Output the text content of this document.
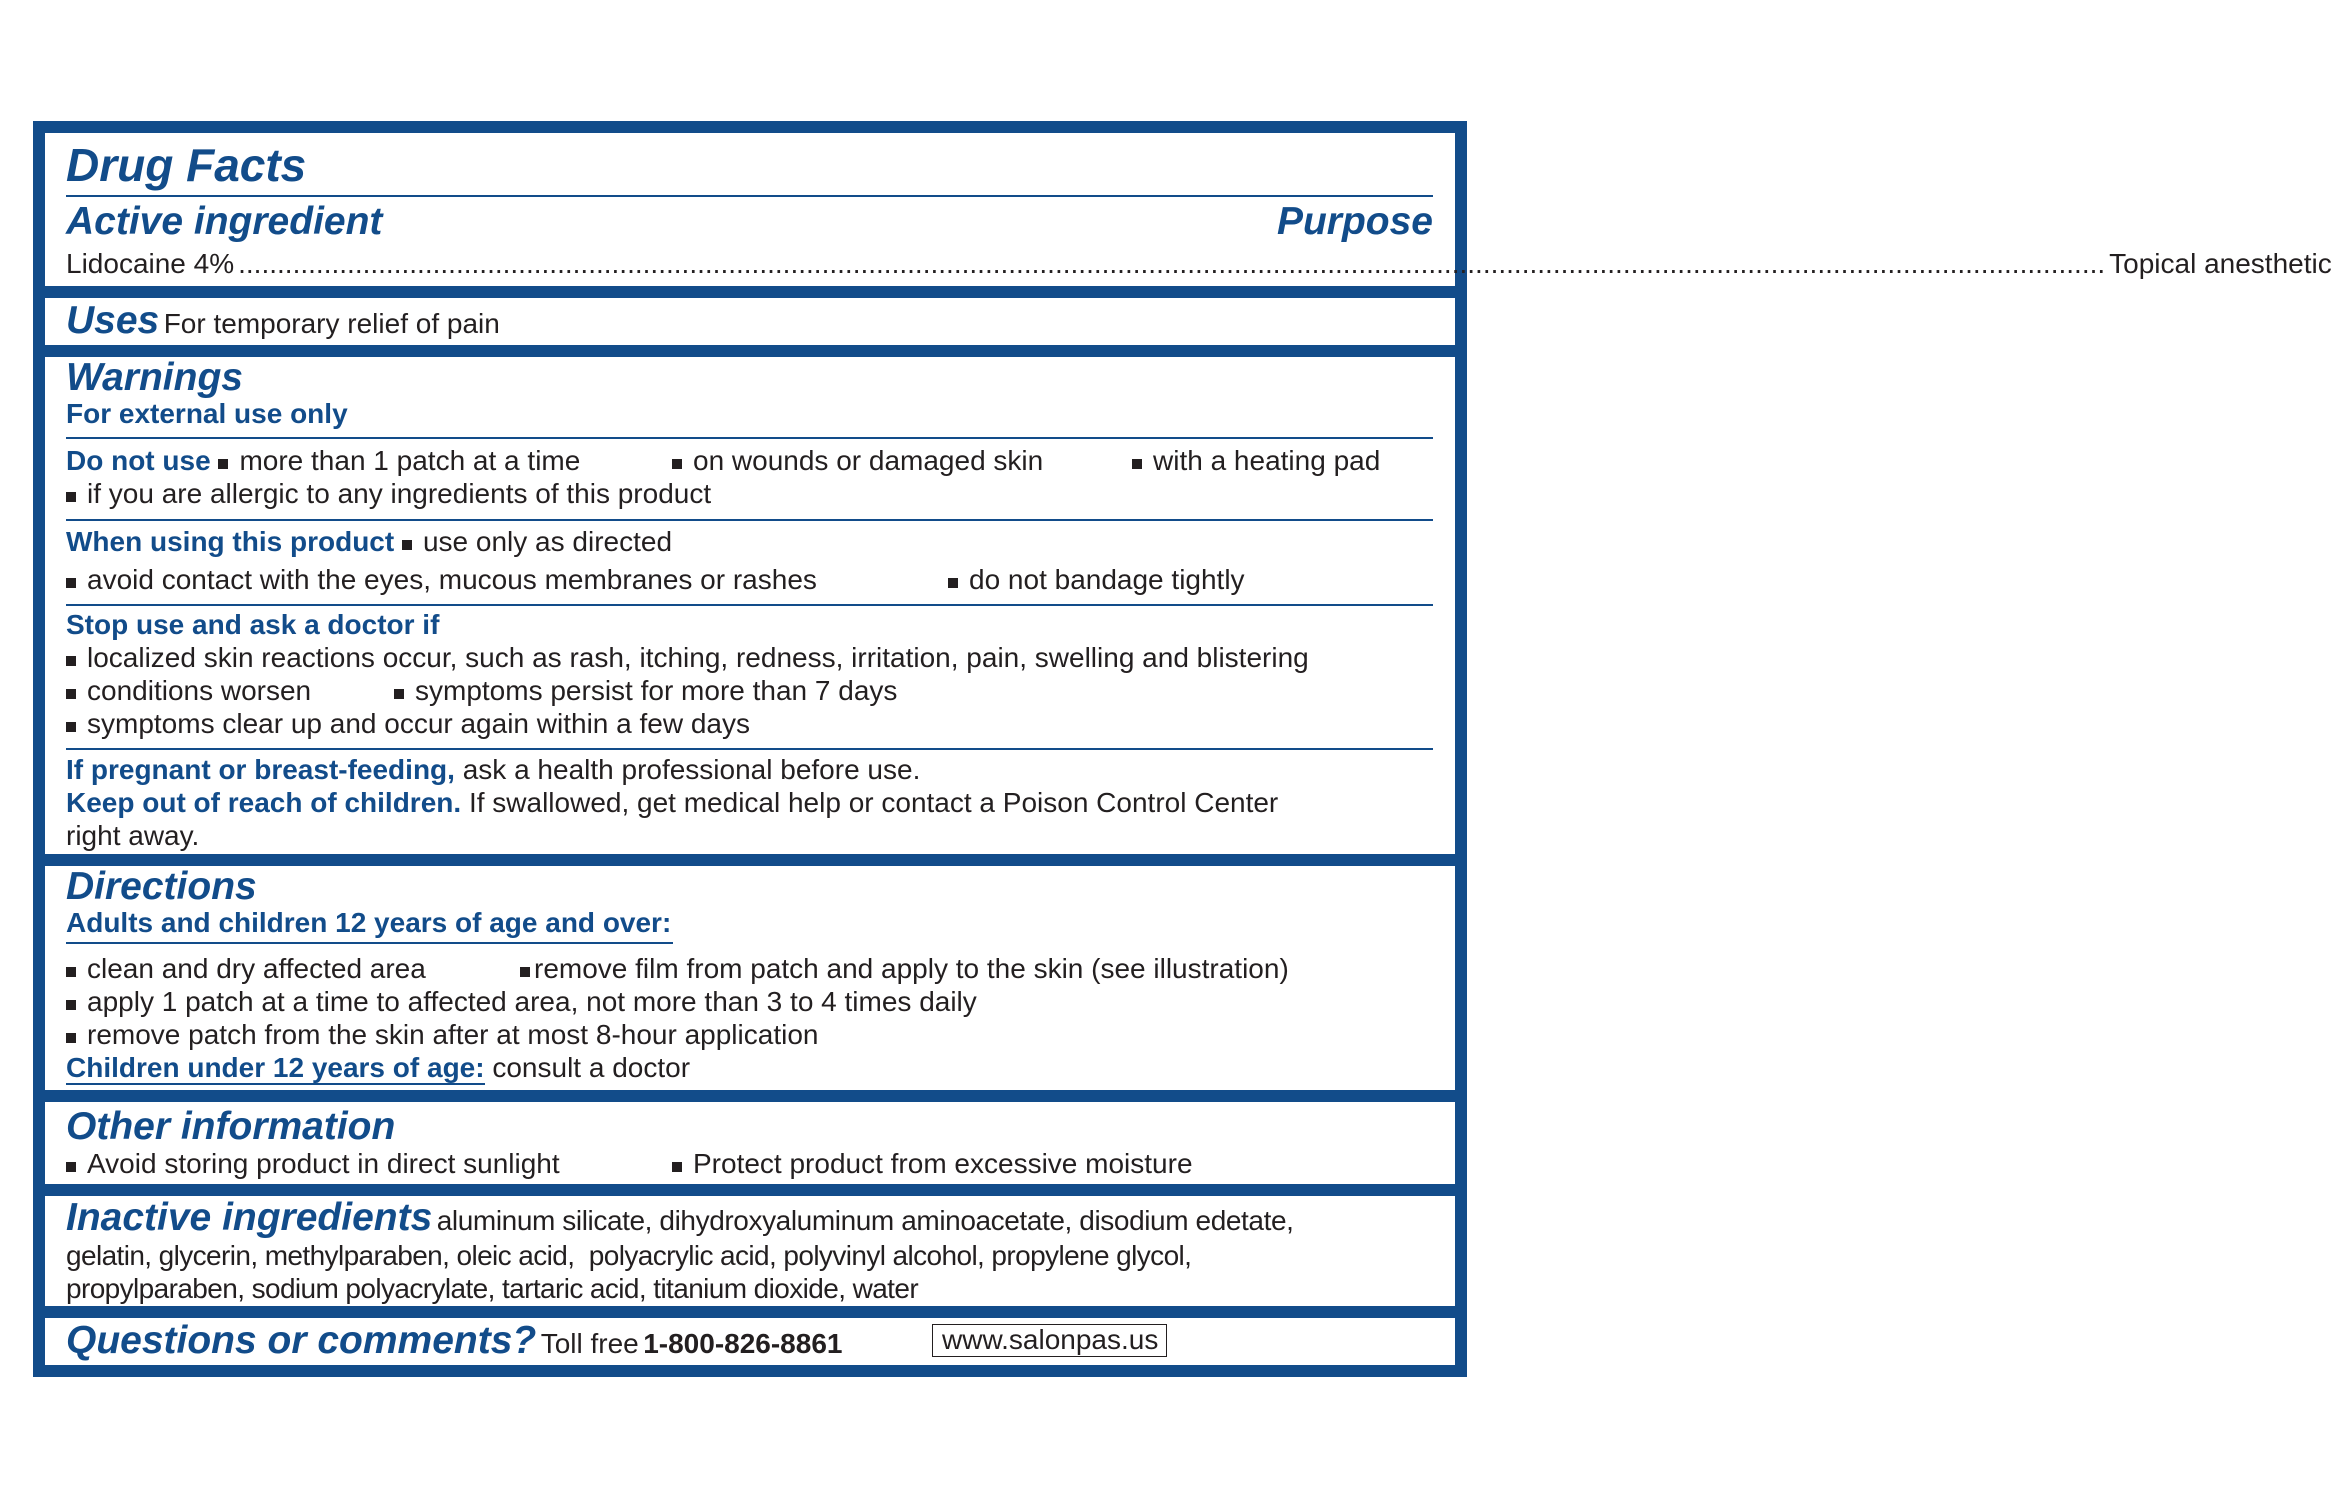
Drug Facts
Active ingredient	Purpose
Lidocaine 4% ................................................................................................................................................................................................................................................ Topical anesthetic
Uses For temporary relief of pain
Warnings
For external use only
Do not use more than 1 patch at a time	on wounds or damaged skin	with a heating pad
if you are allergic to any ingredients of this product
When using this product use only as directed
avoid contact with the eyes, mucous membranes or rashes	do not bandage tightly
Stop use and ask a doctor if
localized skin reactions occur, such as rash, itching, redness, irritation, pain, swelling and blistering
conditions worsen	symptoms persist for more than 7 days
symptoms clear up and occur again within a few days
If pregnant or breast-feeding, ask a health professional before use.
Keep out of reach of children. If swallowed, get medical help or contact a Poison Control Center
right away.
Directions
Adults and children 12 years of age and over:
clean and dry affected area	remove film from patch and apply to the skin (see illustration)
apply 1 patch at a time to affected area, not more than 3 to 4 times daily
remove patch from the skin after at most 8-hour application
Children under 12 years of age: consult a doctor
Other information
Avoid storing product in direct sunlight	Protect product from excessive moisture
Inactive ingredients aluminum silicate, dihydroxyaluminum aminoacetate, disodium edetate,
gelatin, glycerin, methylparaben, oleic acid,  polyacrylic acid, polyvinyl alcohol, propylene glycol,
propylparaben, sodium polyacrylate, tartaric acid, titanium dioxide, water
Questions or comments? Toll free 1-800-826-8861	www.salonpas.us
